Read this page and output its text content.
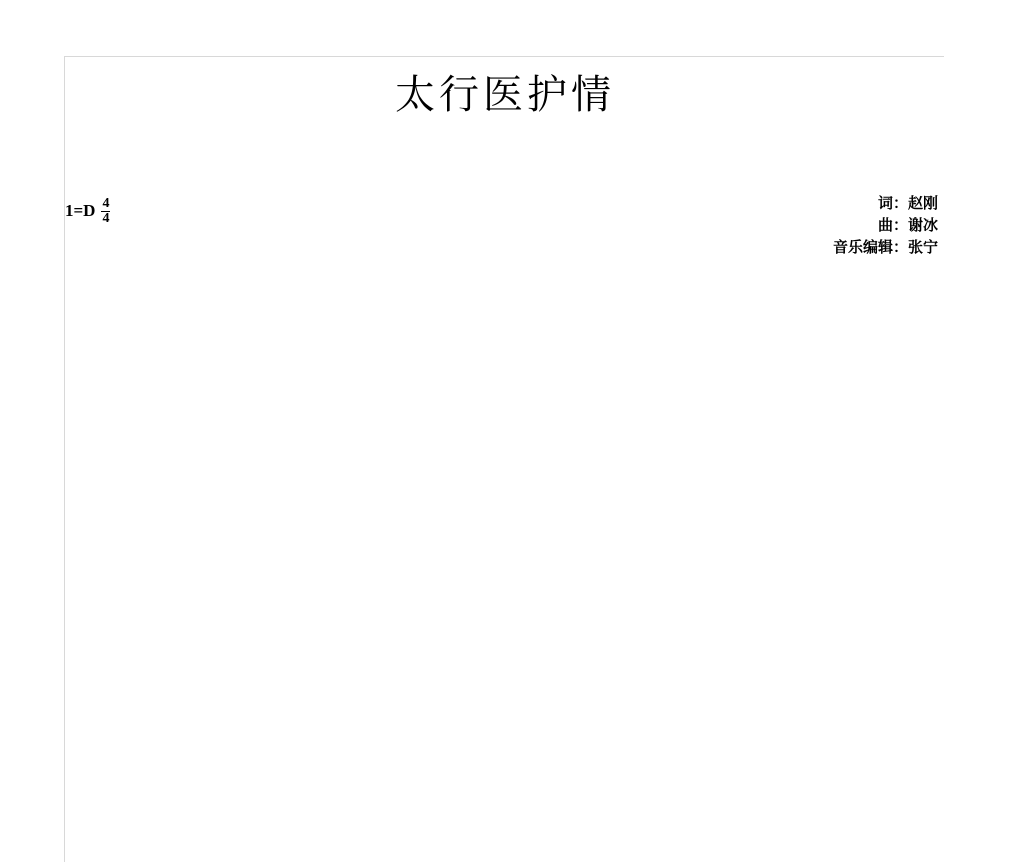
太行医护情
$1=D \frac{4}{4}$	词：赵刚
曲：谢冰
音乐编辑：张宁
